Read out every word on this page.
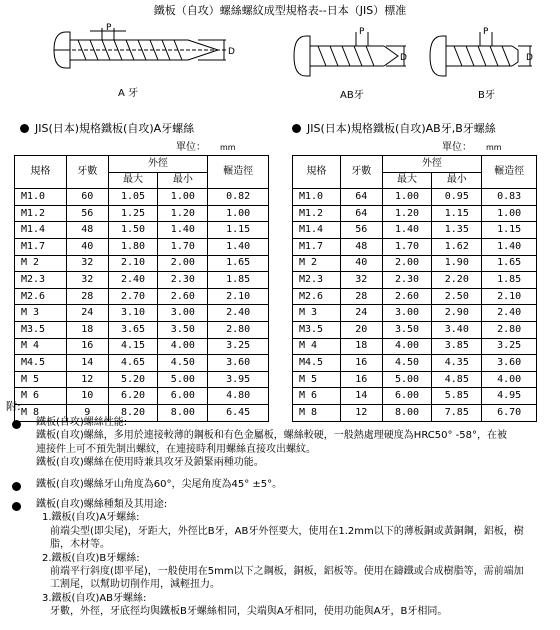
鐵板（自攻）螺絲螺紋成型規格表--日本（JIS）標准
P
D
A 牙
P
D
AB牙
P
D
B牙
JIS(日本)規格鐵板(自攻)A牙螺絲
單位： mm
JIS(日本)規格鐵板(自攻)AB牙,B牙螺絲
單位： mm
規格	牙數	外徑		輾造徑
		最大	最小	
M1.0	60	1.05	1.00	0.82
M1.2	56	1.25	1.20	1.00
M1.4	48	1.50	1.40	1.15
M1.7	40	1.80	1.70	1.40
M 2	32	2.10	2.00	1.65
M2.3	32	2.40	2.30	1.85
M2.6	28	2.70	2.60	2.10
M 3	24	3.10	3.00	2.40
M3.5	18	3.65	3.50	2.80
M 4	16	4.15	4.00	3.25
M4.5	14	4.65	4.50	3.60
M 5	12	5.20	5.00	3.95
M 6	10	6.20	6.00	4.80
M 8	9	8.20	8.00	6.45
規格	牙數	外徑		輾造徑
		最大	最小	
M1.0	64	1.00	0.95	0.83
M1.2	64	1.20	1.15	1.00
M1.4	56	1.40	1.35	1.15
M1.7	48	1.70	1.62	1.40
M 2	40	2.00	1.90	1.65
M2.3	32	2.30	2.20	1.85
M2.6	28	2.60	2.50	2.10
M 3	24	3.00	2.90	2.40
M3.5	20	3.50	3.40	2.80
M 4	18	4.00	3.85	3.25
M4.5	16	4.50	4.35	3.60
M 5	16	5.00	4.85	4.00
M 6	14	6.00	5.85	4.95
M 8	12	8.00	7.85	6.70
附:
鐵板(自攻)螺絲性能:
鐵板(自攻)螺絲，多用於連接較薄的鋼板和有色金屬板，螺絲較硬，一般熱處理硬度為HRC50° -58°，在被
連接件上可不預先制出螺紋，在連接時利用螺絲直接攻出螺紋。
鐵板(自攻)螺絲在使用時兼具攻牙及鎖緊兩種功能。
鐵板(自攻)螺絲牙山角度為60°，尖尾角度為45° ±5°。
鐵板(自攻)螺絲種類及其用途:
1.鐵板(自攻)A牙螺絲:
前端尖型(即尖尾)，牙距大，外徑比B牙，AB牙外徑要大，使用在1.2mm以下的薄板銅或黃銅鋼，鋁板，樹
脂，木材等。
2.鐵板(自攻)B牙螺絲:
前端平行斜度(即平尾)，一般使用在5mm以下之鋼板，銅板，鋁板等。使用在鑄鐵或合成樹脂等，需前端加
工割尾，以幫助切削作用，減輕扭力。
3.鐵板(自攻)AB牙螺絲:
牙數，外徑，牙底徑均與鐵板B牙螺絲相同，尖端與A牙相同，使用功能與A牙，B牙相同。
